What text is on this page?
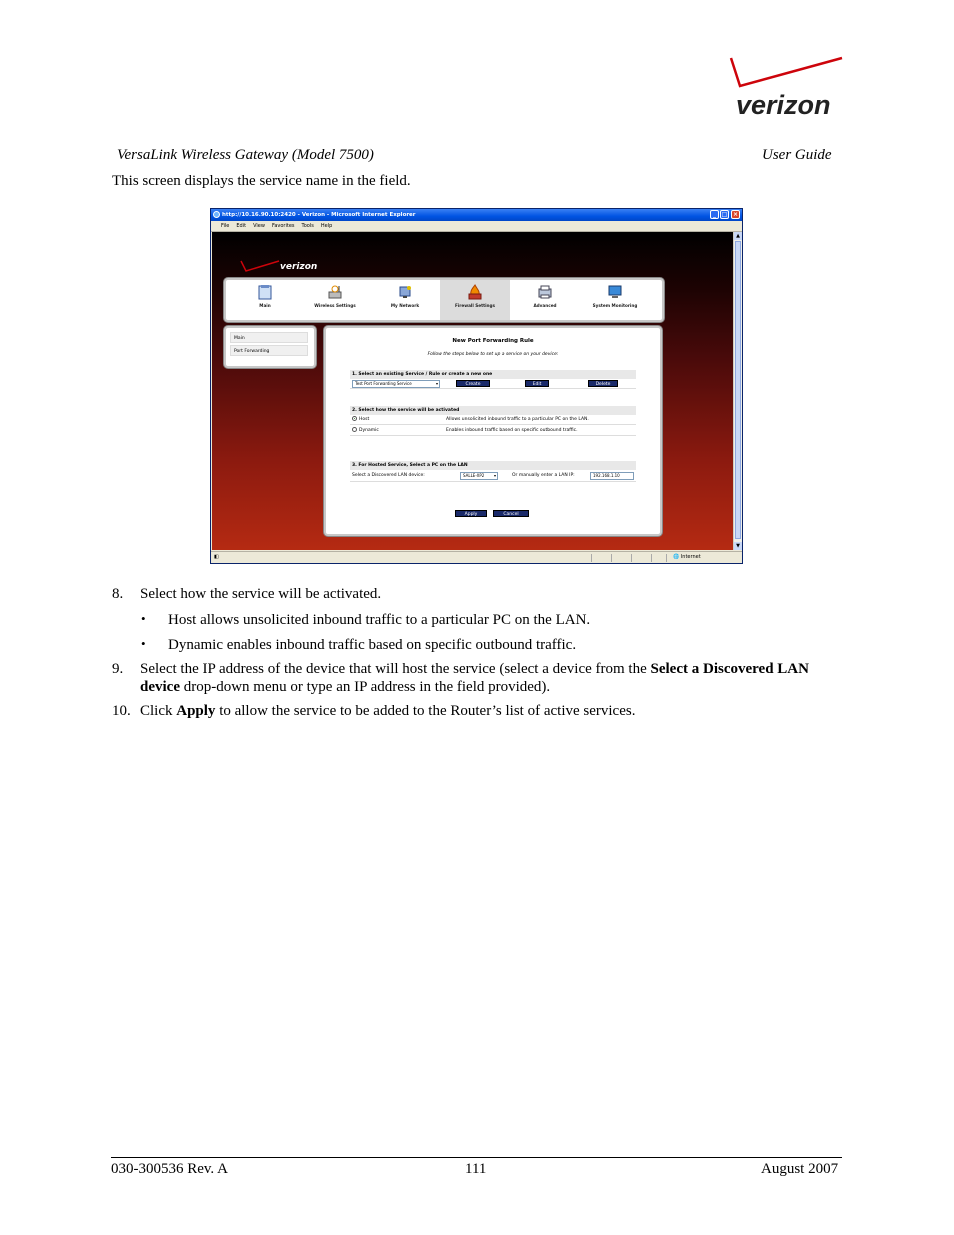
verizon
VersaLink Wireless Gateway (Model 7500)	User Guide
This screen displays the service name in the field.
http://10.16.90.10:2420 - Verizon - Microsoft Internet Explorer	_ □ ×
File Edit View Favorites Tools Help
verizon
Main	Wireless Settings	My Network	Firewall Settings	Advanced	System Monitoring
Main
Port Forwarding
New Port Forwarding Rule
Follow the steps below to set up a service on your device:
1. Select an existing Service / Rule or create a new one
Test Port Forwarding Service	▾	Create	Edit	Delete
2. Select how the service will be activated
Host	Allows unsolicited inbound traffic to a particular PC on the LAN.
Dynamic	Enables inbound traffic based on specific outbound traffic.
3. For Hosted Service, Select a PC on the LAN
Select a Discovered LAN device:	SALLE-XP2 ▾	Or manually enter a LAN IP:	192.168.1.10
Apply	Cancel
▲
▼
◧	🌐 Internet
8. Select how the service will be activated.
• Host allows unsolicited inbound traffic to a particular PC on the LAN.
• Dynamic enables inbound traffic based on specific outbound traffic.
9. Select the IP address of the device that will host the service (select a device from the Select a Discovered LAN
device drop-down menu or type an IP address in the field provided).
10. Click Apply to allow the service to be added to the Router’s list of active services.
030-300536 Rev. A	111	August 2007
